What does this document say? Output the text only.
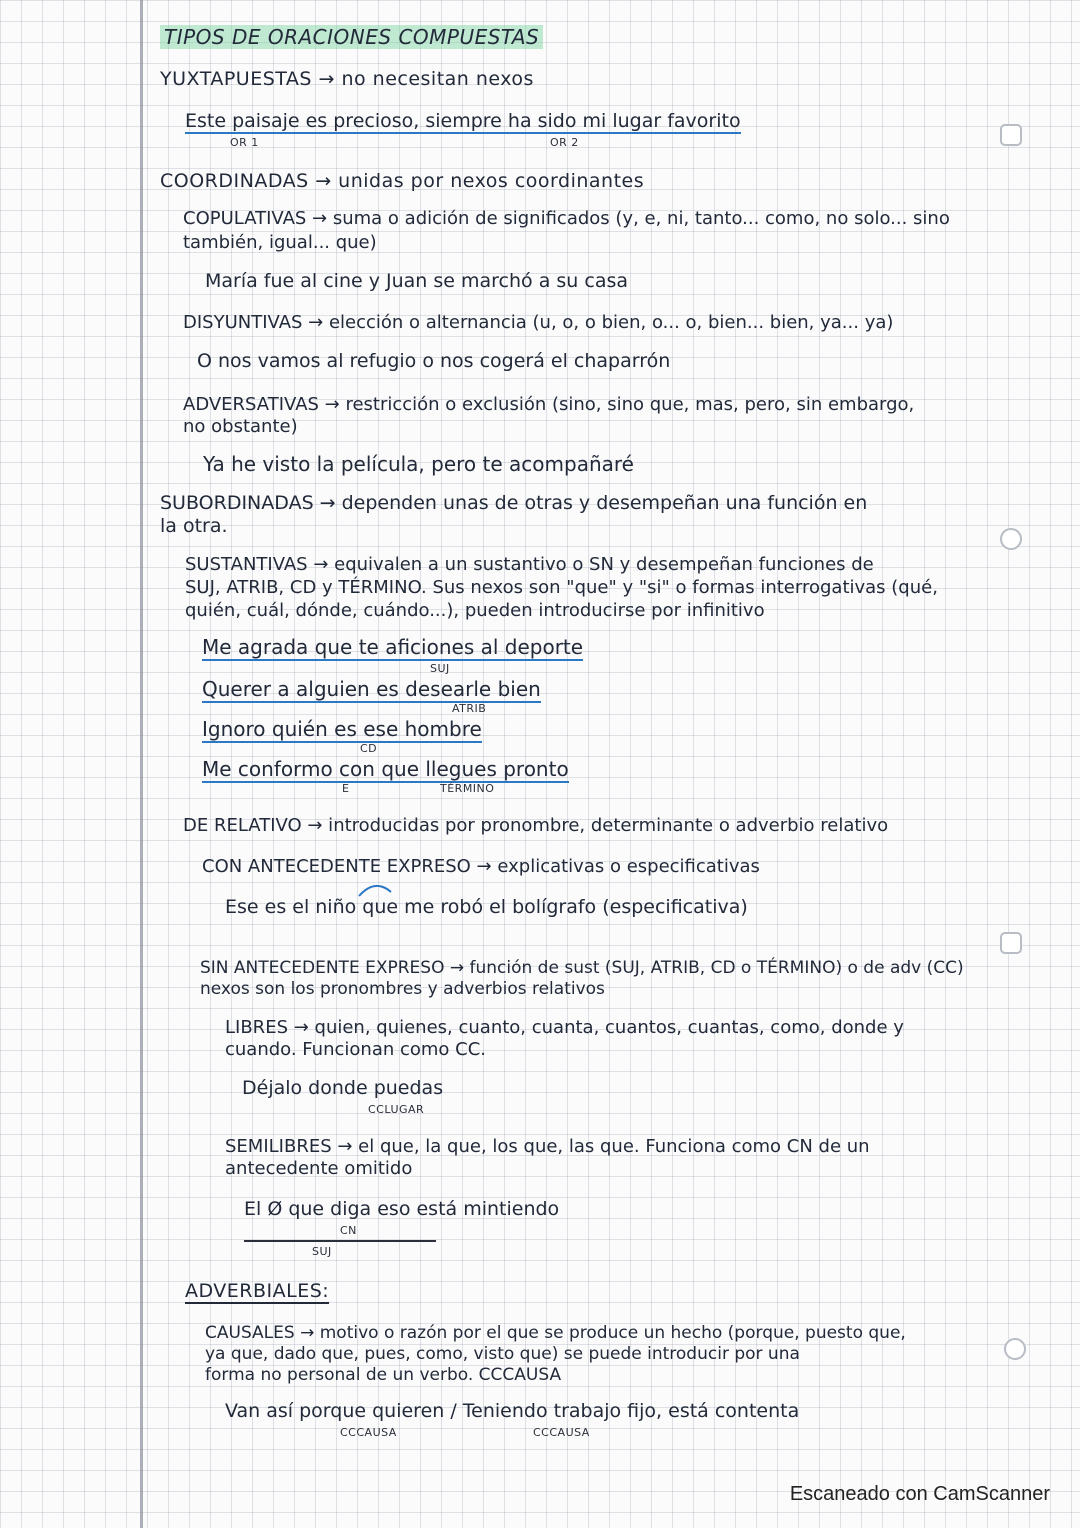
TIPOS DE ORACIONES COMPUESTAS
YUXTAPUESTAS → no necesitan nexos
Este paisaje es precioso, siempre ha sido mi lugar favorito
OR 1	OR 2
COORDINADAS → unidas por nexos coordinantes
COPULATIVAS → suma o adición de significados (y, e, ni, tanto... como, no solo... sino
también, igual... que)
María fue al cine y Juan se marchó a su casa
DISYUNTIVAS → elección o alternancia (u, o, o bien, o... o, bien... bien, ya... ya)
O nos vamos al refugio o nos cogerá el chaparrón
ADVERSATIVAS → restricción o exclusión (sino, sino que, mas, pero, sin embargo,
no obstante)
Ya he visto la película, pero te acompañaré
SUBORDINADAS → dependen unas de otras y desempeñan una función en
la otra.
SUSTANTIVAS → equivalen a un sustantivo o SN y desempeñan funciones de
SUJ, ATRIB, CD y TÉRMINO. Sus nexos son "que" y "si" o formas interrogativas (qué,
quién, cuál, dónde, cuándo...), pueden introducirse por infinitivo
Me agrada que te aficiones al deporte
SUJ
Querer a alguien es desearle bien
ATRIB
Ignoro quién es ese hombre
CD
Me conformo con que llegues pronto
E	TÉRMINO
DE RELATIVO → introducidas por pronombre, determinante o adverbio relativo
CON ANTECEDENTE EXPRESO → explicativas o especificativas
Ese es el niño que me robó el bolígrafo (especificativa)
SIN ANTECEDENTE EXPRESO → función de sust (SUJ, ATRIB, CD o TÉRMINO) o de adv (CC)
nexos son los pronombres y adverbios relativos
LIBRES → quien, quienes, cuanto, cuanta, cuantos, cuantas, como, donde y
cuando. Funcionan como CC.
Déjalo donde puedas
CCLUGAR
SEMILIBRES → el que, la que, los que, las que. Funciona como CN de un
antecedente omitido
El Ø que diga eso está mintiendo
CN
SUJ
ADVERBIALES:
CAUSALES → motivo o razón por el que se produce un hecho (porque, puesto que,
ya que, dado que, pues, como, visto que) se puede introducir por una
forma no personal de un verbo. CCCAUSA
Van así porque quieren / Teniendo trabajo fijo, está contenta
CCCAUSA	CCCAUSA
Escaneado con CamScanner
